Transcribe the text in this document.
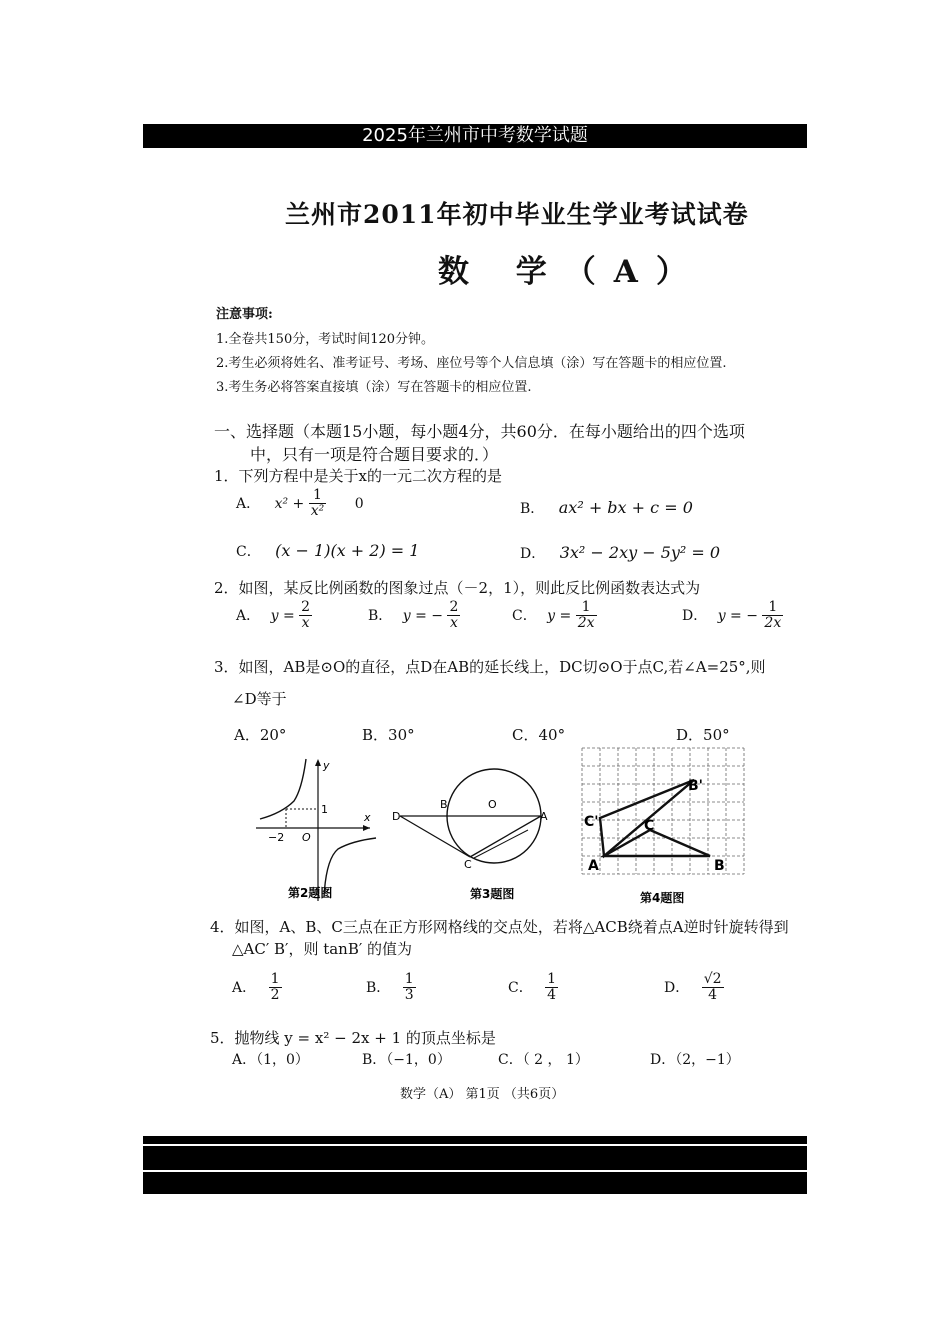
2025年兰州市中考数学试题
兰州市2011年初中毕业生学业考试试卷
数 学（A）
注意事项:
1.全卷共150分，考试时间120分钟。
2.考生必须将姓名、准考证号、考场、座位号等个人信息填（涂）写在答题卡的相应位置.
3.考生务必将答案直接填（涂）写在答题卡的相应位置.
一、选择题（本题15小题，每小题4分，共60分．在每小题给出的四个选项
中，只有一项是符合题目要求的．）
1．下列方程中是关于x的一元二次方程的是
A． $x^2 + \frac{1}{\text{x²}} 0$	B． ax² + bx + c = 0
C． (x − 1)(x + 2) = 1	D． 3x² − 2xy − 5y² = 0
2．如图，某反比例函数的图象过点（－2，1），则此反比例函数表达式为
A． $y = \frac{2}{x}$	B． y = − $\frac{2}{x}$	C． $y = \frac{1}{2x}$	D． y = − $\frac{1}{2x}$
3．如图，AB是⊙O的直径，点D在AB的延长线上，DC切⊙O于点C,若∠A=25°,则
∠D等于
A．20°	B．30°	C．40°	D．50°
x
y
O
−2
1
第2题图
D
B	O
A
C
第3题图
A	B
C
B'
C'
第4题图
4．如图，A、B、C三点在正方形网格线的交点处，若将△ACB绕着点A逆时针旋转得到
△AC′ B′，则 tanB′ 的值为
A． $\frac{1}{2}$	B． $\frac{1}{3}$	C． $\frac{1}{4}$	D． $\frac{√2}{4}$
5．抛物线 y = x² − 2x + 1 的顶点坐标是
A．（1，0）	B．（−1，0）	C．（ 2 ， 1）	D．（2，−1）
数学（A） 第1页 （共6页）
